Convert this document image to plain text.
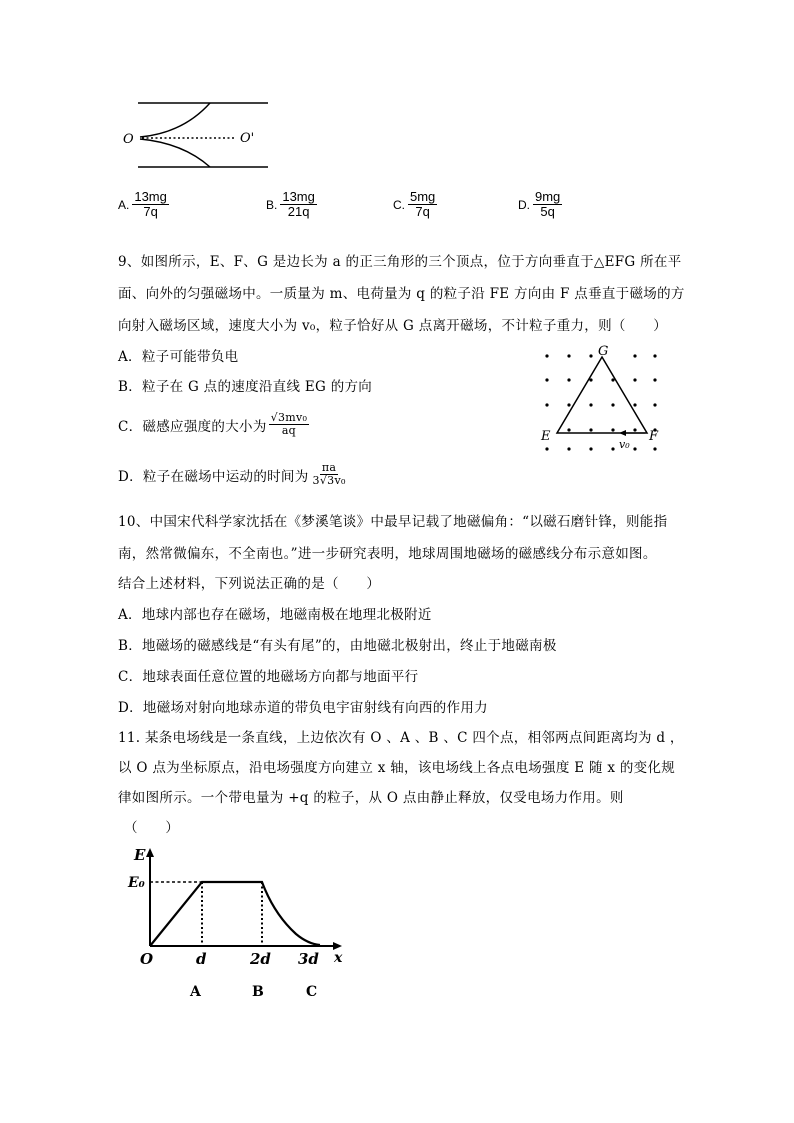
O	O'
A. $\frac{13mg}{7q}$	B. $\frac{13mg}{21q}$	C. $\frac{5mg}{7q}$	D. $\frac{9mg}{5q}$
9、如图所示，E、F、G 是边长为 a 的正三角形的三个顶点，位于方向垂直于△EFG 所在平
面、向外的匀强磁场中。一质量为 m、电荷量为 q 的粒子沿 FE 方向由 F 点垂直于磁场的方
向射入磁场区域，速度大小为 v₀，粒子恰好从 G 点离开磁场，不计粒子重力，则（　　）
A．粒子可能带负电
B．粒子在 G 点的速度沿直线 EG 的方向
C．磁感应强度的大小为 $\frac{\text{√3mv₀}}{aq}$
D．粒子在磁场中运动的时间为 $\frac{\pi a}{\text{3√3v₀}}$
G
E	F
v₀
10、中国宋代科学家沈括在《梦溪笔谈》中最早记载了地磁偏角：“以磁石磨针锋，则能指
南，然常微偏东，不全南也。”进一步研究表明，地球周围地磁场的磁感线分布示意如图。
结合上述材料，下列说法正确的是（　　）
A．地球内部也存在磁场，地磁南极在地理北极附近
B．地磁场的磁感线是“有头有尾”的，由地磁北极射出，终止于地磁南极
C．地球表面任意位置的地磁场方向都与地面平行
D．地磁场对射向地球赤道的带负电宇宙射线有向西的作用力
11. 某条电场线是一条直线，上边依次有 O 、A 、B 、C 四个点，相邻两点间距离均为 d ，
以 O 点为坐标原点，沿电场强度方向建立 x 轴，该电场线上各点电场强度 E 随 x 的变化规
律如图所示。一个带电量为 +q 的粒子，从 O 点由静止释放，仅受电场力作用。则
（　　）
E
E₀
O	d	2d 3d x
A	B	C
